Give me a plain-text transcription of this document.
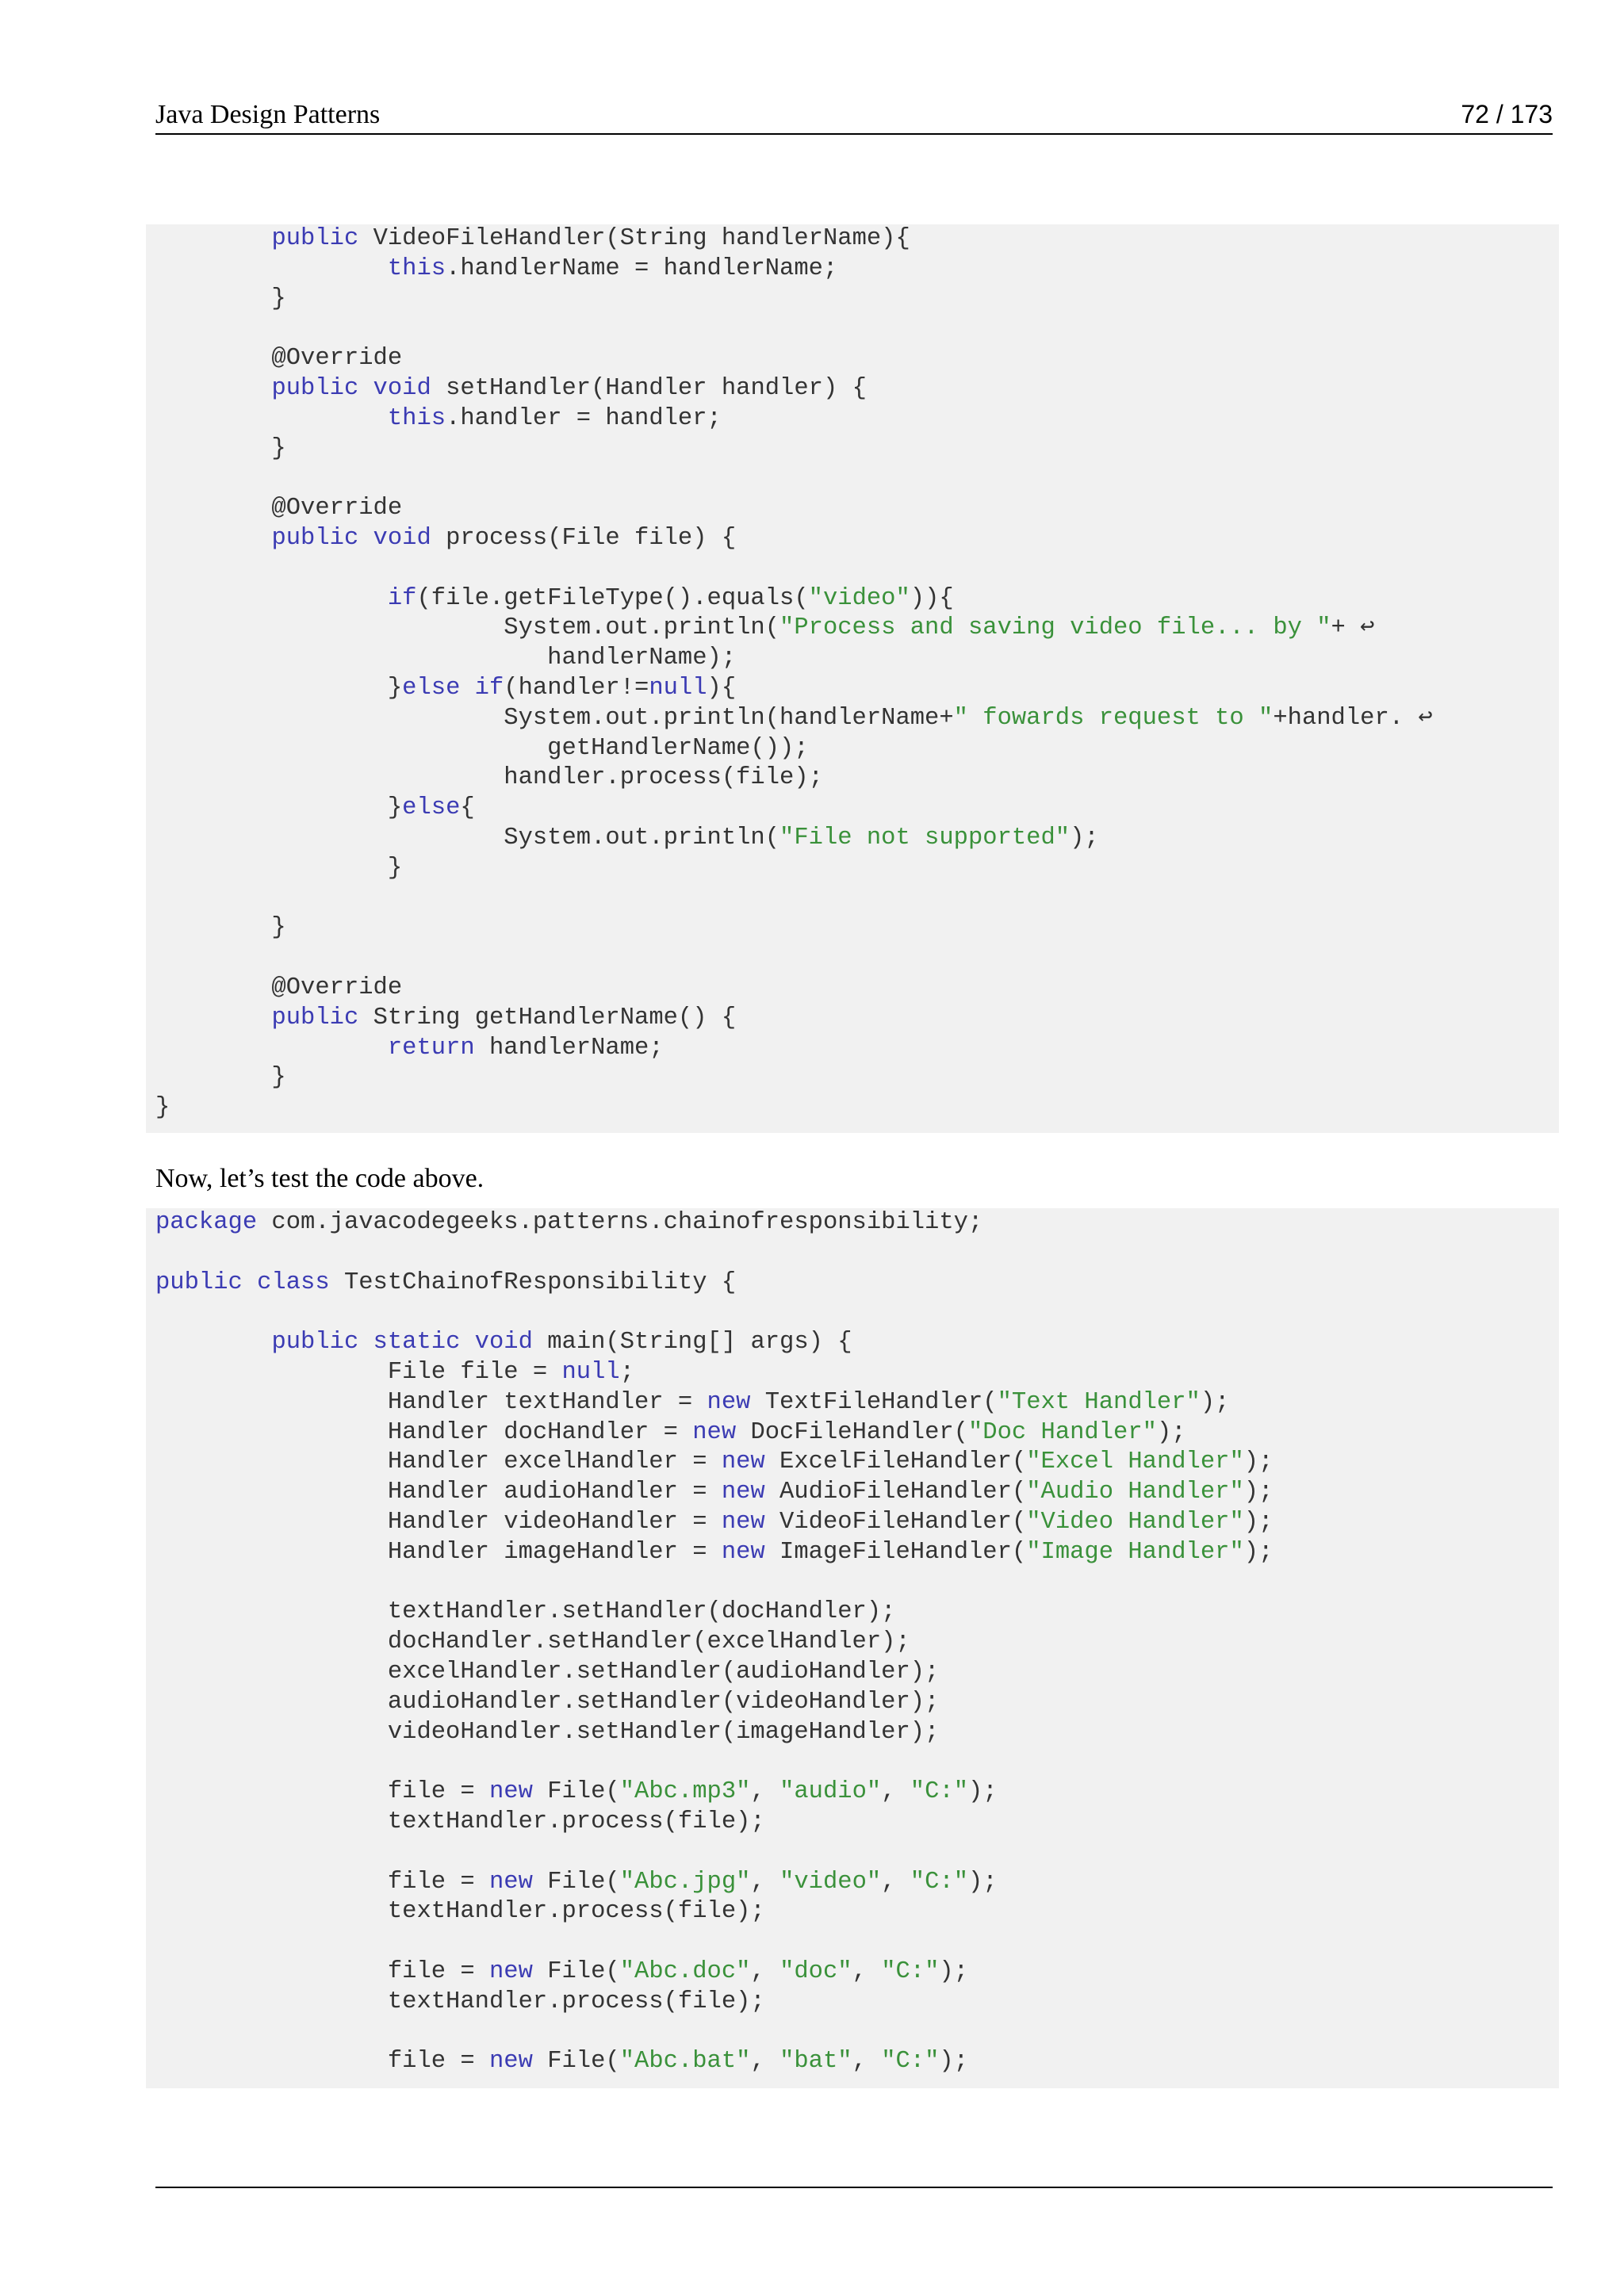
Java Design Patterns	72 / 173
public VideoFileHandler(String handlerName){
this.handlerName = handlerName;
}
@Override
public void setHandler(Handler handler) {
this.handler = handler;
}
@Override
public void process(File file) {
if(file.getFileType().equals("video")){
System.out.println("Process and saving video file... by "+ ↩
handlerName);
}else if(handler!=null){
System.out.println(handlerName+" fowards request to "+handler. ↩
getHandlerName());
handler.process(file);
}else{
System.out.println("File not supported");
}
}
@Override
public String getHandlerName() {
return handlerName;
}
}
Now, let’s test the code above.
package com.javacodegeeks.patterns.chainofresponsibility;
public class TestChainofResponsibility {
public static void main(String[] args) {
File file = null;
Handler textHandler = new TextFileHandler("Text Handler");
Handler docHandler = new DocFileHandler("Doc Handler");
Handler excelHandler = new ExcelFileHandler("Excel Handler");
Handler audioHandler = new AudioFileHandler("Audio Handler");
Handler videoHandler = new VideoFileHandler("Video Handler");
Handler imageHandler = new ImageFileHandler("Image Handler");
textHandler.setHandler(docHandler);
docHandler.setHandler(excelHandler);
excelHandler.setHandler(audioHandler);
audioHandler.setHandler(videoHandler);
videoHandler.setHandler(imageHandler);
file = new File("Abc.mp3", "audio", "C:");
textHandler.process(file);
file = new File("Abc.jpg", "video", "C:");
textHandler.process(file);
file = new File("Abc.doc", "doc", "C:");
textHandler.process(file);
file = new File("Abc.bat", "bat", "C:");
